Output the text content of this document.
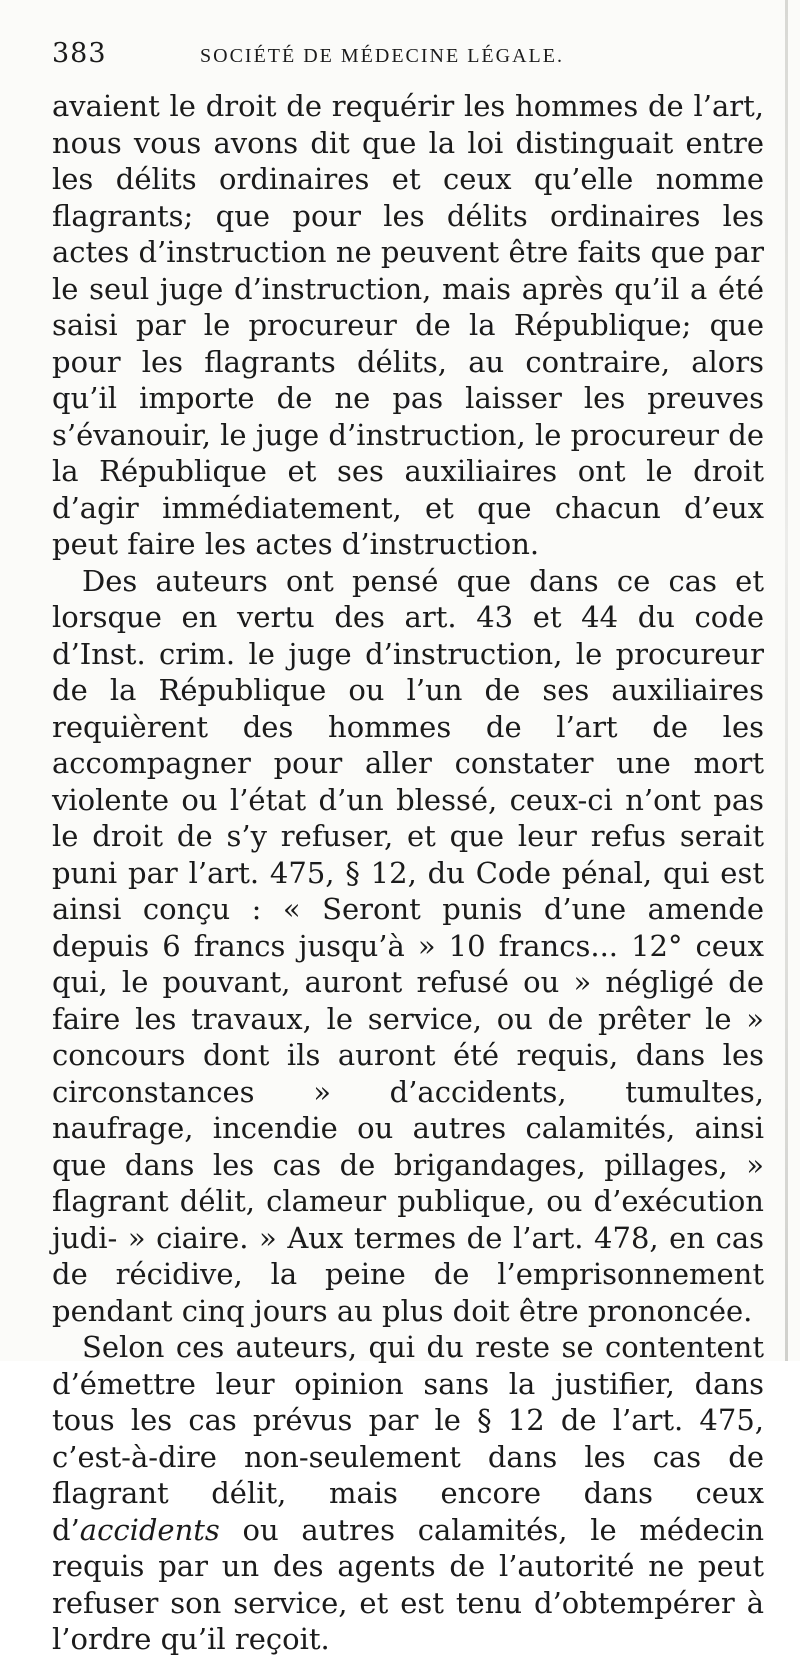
383	SOCIÉTÉ DE MÉDECINE LÉGALE.

avaient le droit de requérir les hommes de l’art, nous vous avons dit que la loi distinguait entre les délits ordinaires et ceux qu’elle nomme flagrants; que pour les délits ordinaires les actes d’instruction ne peuvent être faits que par le seul juge d’instruction, mais après qu’il a été saisi par le procureur de la République; que pour les flagrants délits, au contraire, alors qu’il importe de ne pas laisser les preuves s’évanouir, le juge d’instruction, le procureur de la République et ses auxiliaires ont le droit d’agir immédiatement, et que chacun d’eux peut faire les actes d’instruction.

Des auteurs ont pensé que dans ce cas et lorsque en vertu des art. 43 et 44 du code d’Inst. crim. le juge d’instruction, le procureur de la République ou l’un de ses auxiliaires requièrent des hommes de l’art de les accompagner pour aller constater une mort violente ou l’état d’un blessé, ceux-ci n’ont pas le droit de s’y refuser, et que leur refus serait puni par l’art. 475, § 12, du Code pénal, qui est ainsi conçu : « Seront punis d’une amende depuis 6 francs jusqu’à » 10 francs... 12° ceux qui, le pouvant, auront refusé ou » négligé de faire les travaux, le service, ou de prêter le » concours dont ils auront été requis, dans les circonstances » d’accidents, tumultes, naufrage, incendie ou autres calamités, ainsi que dans les cas de brigandages, pillages, » flagrant délit, clameur publique, ou d’exécution judi- » ciaire. » Aux termes de l’art. 478, en cas de récidive, la peine de l’emprisonnement pendant cinq jours au plus doit être prononcée.

Selon ces auteurs, qui du reste se contentent d’émettre leur opinion sans la justifier, dans tous les cas prévus par le § 12 de l’art. 475, c’est-à-dire non-seulement dans les cas de flagrant délit, mais encore dans ceux d’accidents ou autres calamités, le médecin requis par un des agents de l’autorité ne peut refuser son service, et est tenu d’obtempérer à l’ordre qu’il reçoit.
